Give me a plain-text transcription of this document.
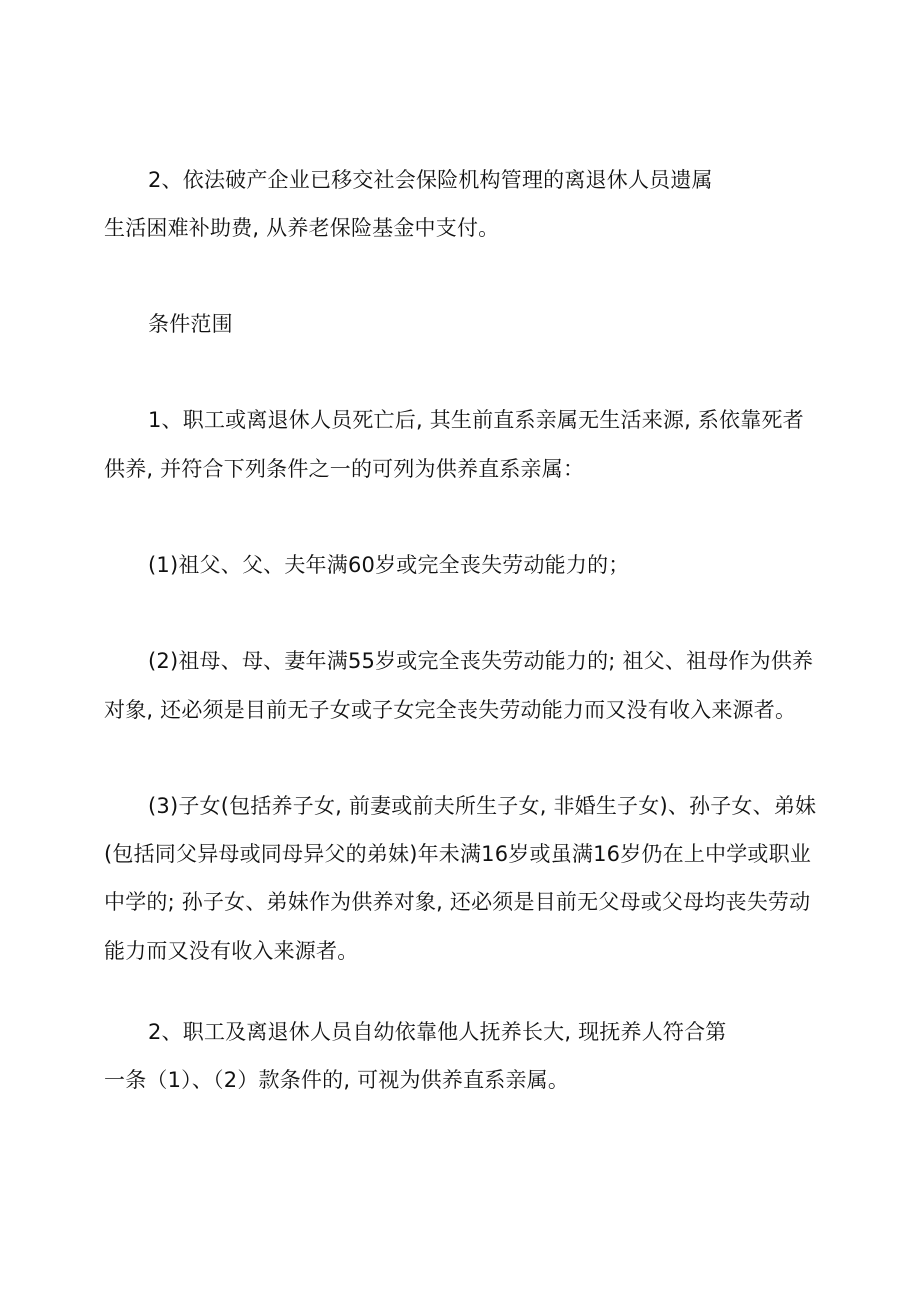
2、依法破产企业已移交社会保险机构管理的离退休人员遗属
生活困难补助费, 从养老保险基金中支付。
条件范围
1、职工或离退休人员死亡后, 其生前直系亲属无生活来源, 系依靠死者
供养, 并符合下列条件之一的可列为供养直系亲属：
(1)祖父、父、夫年满60岁或完全丧失劳动能力的；
(2)祖母、母、妻年满55岁或完全丧失劳动能力的; 祖父、祖母作为供养
对象, 还必须是目前无子女或子女完全丧失劳动能力而又没有收入来源者。
(3)子女(包括养子女, 前妻或前夫所生子女, 非婚生子女)、孙子女、弟妹
(包括同父异母或同母异父的弟妹)年未满16岁或虽满16岁仍在上中学或职业
中学的; 孙子女、弟妹作为供养对象, 还必须是目前无父母或父母均丧失劳动
能力而又没有收入来源者。
2、职工及离退休人员自幼依靠他人抚养长大, 现抚养人符合第
一条（1）、（2）款条件的, 可视为供养直系亲属。
